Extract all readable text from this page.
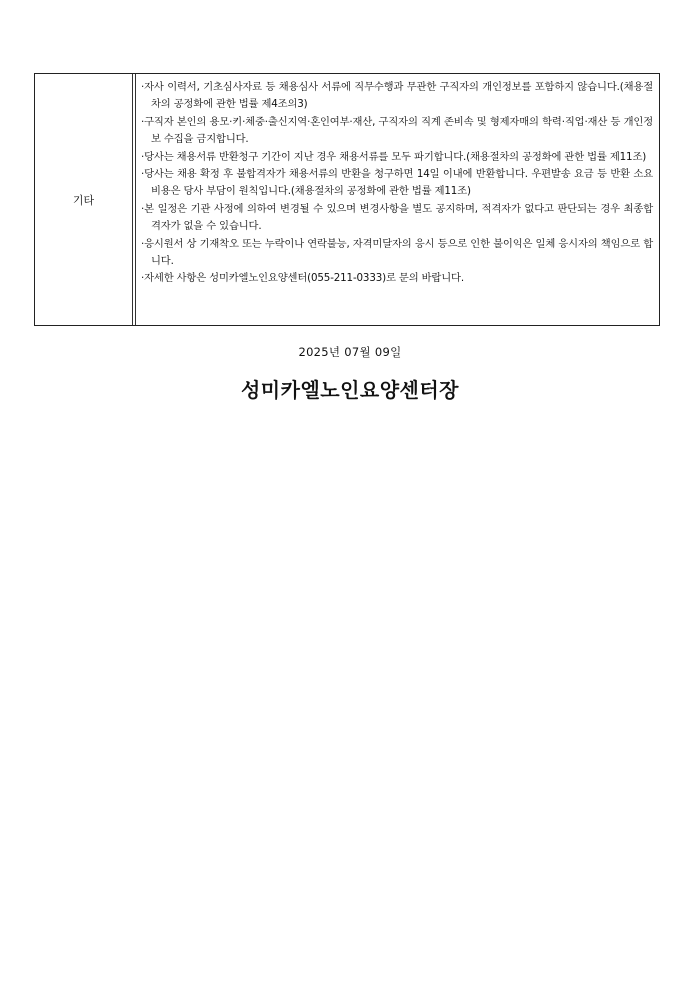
기타
·자사 이력서, 기초심사자료 등 채용심사 서류에 직무수행과 무관한 구직자의 개인정보를 포함하지 않습니다.(채용절차의 공정화에 관한 법률 제4조의3)
·구직자 본인의 용모·키·체중·출신지역·혼인여부·재산, 구직자의 직계 존비속 및 형제자매의 학력·직업·재산 등 개인정보 수집을 금지합니다.
·당사는 채용서류 반환청구 기간이 지난 경우 채용서류를 모두 파기합니다.(채용절차의 공정화에 관한 법률 제11조)
·당사는 채용 확정 후 불합격자가 채용서류의 반환을 청구하면 14일 이내에 반환합니다. 우편발송 요금 등 반환 소요 비용은 당사 부담이 원칙입니다.(채용절차의 공정화에 관한 법률 제11조)
·본 일정은 기관 사정에 의하여 변경될 수 있으며 변경사항을 별도 공지하며, 적격자가 없다고 판단되는 경우 최종합격자가 없을 수 있습니다.
·응시원서 상 기재착오 또는 누락이나 연락불능, 자격미달자의 응시 등으로 인한 불이익은 일체 응시자의 책임으로 합니다.
·자세한 사항은 성미카엘노인요양센터(055-211-0333)로 문의 바랍니다.
2025년 07월 09일
성미카엘노인요양센터장
